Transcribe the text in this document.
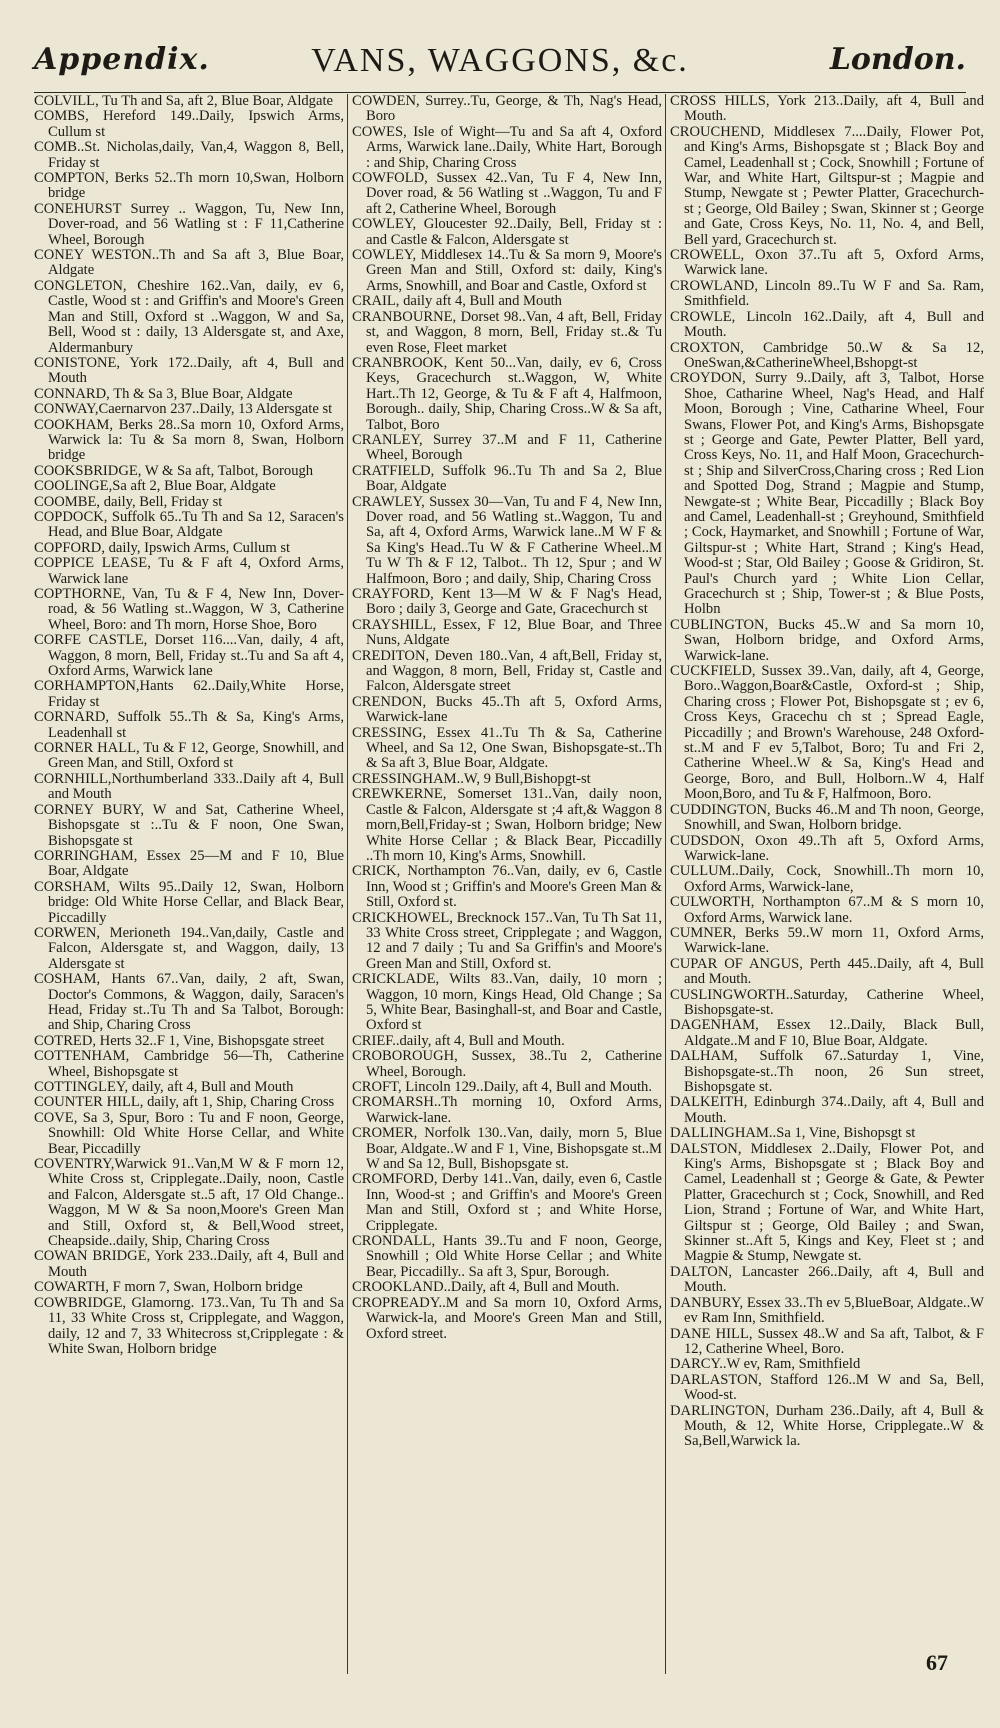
Appendix.	VANS, WAGGONS, &c.	London.

COLVILL, Tu Th and Sa, aft 2, Blue Boar, Aldgate

COMBS, Hereford 149..Daily, Ipswich Arms, Cullum st

COMB..St. Nicholas,daily, Van,4, Waggon 8, Bell, Friday st

COMPTON, Berks 52..Th morn 10,Swan, Holborn bridge

CONEHURST Surrey .. Waggon, Tu, New Inn, Dover-road, and 56 Watling st : F 11,Catherine Wheel, Borough

CONEY WESTON..Th and Sa aft 3, Blue Boar, Aldgate

CONGLETON, Cheshire 162..Van, daily, ev 6, Castle, Wood st : and Griffin's and Moore's Green Man and Still, Oxford st ..Waggon, W and Sa, Bell, Wood st : daily, 13 Aldersgate st, and Axe, Aldermanbury

CONISTONE, York 172..Daily, aft 4, Bull and Mouth

CONNARD, Th & Sa 3, Blue Boar, Aldgate

CONWAY,Caernarvon 237..Daily, 13 Aldersgate st

COOKHAM, Berks 28..Sa morn 10, Oxford Arms, Warwick la: Tu & Sa morn 8, Swan, Holborn bridge

COOKSBRIDGE, W & Sa aft, Talbot, Borough

COOLINGE,Sa aft 2, Blue Boar, Aldgate

COOMBE, daily, Bell, Friday st

COPDOCK, Suffolk 65..Tu Th and Sa 12, Saracen's Head, and Blue Boar, Aldgate

COPFORD, daily, Ipswich Arms, Cullum st

COPPICE LEASE, Tu & F aft 4, Oxford Arms, Warwick lane

COPTHORNE, Van, Tu & F 4, New Inn, Dover-road, & 56 Watling st..Waggon, W 3, Catherine Wheel, Boro: and Th morn, Horse Shoe, Boro

CORFE CASTLE, Dorset 116....Van, daily, 4 aft, Waggon, 8 morn, Bell, Friday st..Tu and Sa aft 4, Oxford Arms, Warwick lane

CORHAMPTON,Hants 62..Daily,White Horse, Friday st

CORNARD, Suffolk 55..Th & Sa, King's Arms, Leadenhall st

CORNER HALL, Tu & F 12, George, Snowhill, and Green Man, and Still, Oxford st

CORNHILL,Northumberland 333..Daily aft 4, Bull and Mouth

CORNEY BURY, W and Sat, Catherine Wheel, Bishopsgate st :..Tu & F noon, One Swan, Bishopsgate st

CORRINGHAM, Essex 25—M and F 10, Blue Boar, Aldgate

CORSHAM, Wilts 95..Daily 12, Swan, Holborn bridge: Old White Horse Cellar, and Black Bear, Piccadilly

CORWEN, Merioneth 194..Van,daily, Castle and Falcon, Aldersgate st, and Waggon, daily, 13 Aldersgate st

COSHAM, Hants 67..Van, daily, 2 aft, Swan, Doctor's Commons, & Waggon, daily, Saracen's Head, Friday st..Tu Th and Sa Talbot, Borough: and Ship, Charing Cross

COTRED, Herts 32..F 1, Vine, Bishopsgate street

COTTENHAM, Cambridge 56—Th, Catherine Wheel, Bishopsgate st

COTTINGLEY, daily, aft 4, Bull and Mouth

COUNTER HILL, daily, aft 1, Ship, Charing Cross

COVE, Sa 3, Spur, Boro : Tu and F noon, George, Snowhill: Old White Horse Cellar, and White Bear, Piccadilly

COVENTRY,Warwick 91..Van,M W & F morn 12, White Cross st, Cripplegate..Daily, noon, Castle and Falcon, Aldersgate st..5 aft, 17 Old Change.. Waggon, M W & Sa noon,Moore's Green Man and Still, Oxford st, & Bell,Wood street, Cheapside..daily, Ship, Charing Cross

COWAN BRIDGE, York 233..Daily, aft 4, Bull and Mouth

COWARTH, F morn 7, Swan, Holborn bridge

COWBRIDGE, Glamorng. 173..Van, Tu Th and Sa 11, 33 White Cross st, Cripplegate, and Waggon, daily, 12 and 7, 33 Whitecross st,Cripplegate : & White Swan, Holborn bridge

COWDEN, Surrey..Tu, George, & Th, Nag's Head, Boro

COWES, Isle of Wight—Tu and Sa aft 4, Oxford Arms, Warwick lane..Daily, White Hart, Borough : and Ship, Charing Cross

COWFOLD, Sussex 42..Van, Tu F 4, New Inn, Dover road, & 56 Watling st ..Waggon, Tu and F aft 2, Catherine Wheel, Borough

COWLEY, Gloucester 92..Daily, Bell, Friday st : and Castle & Falcon, Aldersgate st

COWLEY, Middlesex 14..Tu & Sa morn 9, Moore's Green Man and Still, Oxford st: daily, King's Arms, Snowhill, and Boar and Castle, Oxford st

CRAIL, daily aft 4, Bull and Mouth

CRANBOURNE, Dorset 98..Van, 4 aft, Bell, Friday st, and Waggon, 8 morn, Bell, Friday st..& Tu even Rose, Fleet market

CRANBROOK, Kent 50...Van, daily, ev 6, Cross Keys, Gracechurch st..Waggon, W, White Hart..Th 12, George, & Tu & F aft 4, Halfmoon, Borough.. daily, Ship, Charing Cross..W & Sa aft, Talbot, Boro

CRANLEY, Surrey 37..M and F 11, Catherine Wheel, Borough

CRATFIELD, Suffolk 96..Tu Th and Sa 2, Blue Boar, Aldgate

CRAWLEY, Sussex 30—Van, Tu and F 4, New Inn, Dover road, and 56 Watling st..Waggon, Tu and Sa, aft 4, Oxford Arms, Warwick lane..M W F & Sa King's Head..Tu W & F Catherine Wheel..M Tu W Th & F 12, Talbot.. Th 12, Spur ; and W Halfmoon, Boro ; and daily, Ship, Charing Cross

CRAYFORD, Kent 13—M W & F Nag's Head, Boro ; daily 3, George and Gate, Gracechurch st

CRAYSHILL, Essex, F 12, Blue Boar, and Three Nuns, Aldgate

CREDITON, Deven 180..Van, 4 aft,Bell, Friday st, and Waggon, 8 morn, Bell, Friday st, Castle and Falcon, Aldersgate street

CRENDON, Bucks 45..Th aft 5, Oxford Arms, Warwick-lane

CRESSING, Essex 41..Tu Th & Sa, Catherine Wheel, and Sa 12, One Swan, Bishopsgate-st..Th & Sa aft 3, Blue Boar, Aldgate.

CRESSINGHAM..W, 9 Bull,Bishopgt-st

CREWKERNE, Somerset 131..Van, daily noon, Castle & Falcon, Aldersgate st ;4 aft,& Waggon 8 morn,Bell,Friday-st ; Swan, Holborn bridge; New White Horse Cellar ; & Black Bear, Piccadilly ..Th morn 10, King's Arms, Snowhill.

CRICK, Northampton 76..Van, daily, ev 6, Castle Inn, Wood st ; Griffin's and Moore's Green Man & Still, Oxford st.

CRICKHOWEL, Brecknock 157..Van, Tu Th Sat 11, 33 White Cross street, Cripplegate ; and Waggon, 12 and 7 daily ; Tu and Sa Griffin's and Moore's Green Man and Still, Oxford st.

CRICKLADE, Wilts 83..Van, daily, 10 morn ; Waggon, 10 morn, Kings Head, Old Change ; Sa 5, White Bear, Basinghall-st, and Boar and Castle, Oxford st

CRIEF..daily, aft 4, Bull and Mouth.

CROBOROUGH, Sussex, 38..Tu 2, Catherine Wheel, Borough.

CROFT, Lincoln 129..Daily, aft 4, Bull and Mouth.

CROMARSH..Th morning 10, Oxford Arms, Warwick-lane.

CROMER, Norfolk 130..Van, daily, morn 5, Blue Boar, Aldgate..W and F 1, Vine, Bishopsgate st..M W and Sa 12, Bull, Bishopsgate st.

CROMFORD, Derby 141..Van, daily, even 6, Castle Inn, Wood-st ; and Griffin's and Moore's Green Man and Still, Oxford st ; and White Horse, Cripplegate.

CRONDALL, Hants 39..Tu and F noon, George, Snowhill ; Old White Horse Cellar ; and White Bear, Piccadilly.. Sa aft 3, Spur, Borough.

CROOKLAND..Daily, aft 4, Bull and Mouth.

CROPREADY..M and Sa morn 10, Oxford Arms, Warwick-la, and Moore's Green Man and Still, Oxford street.

CROSS HILLS, York 213..Daily, aft 4, Bull and Mouth.

CROUCHEND, Middlesex 7....Daily, Flower Pot, and King's Arms, Bishopsgate st ; Black Boy and Camel, Leadenhall st ; Cock, Snowhill ; Fortune of War, and White Hart, Giltspur-st ; Magpie and Stump, Newgate st ; Pewter Platter, Gracechurch-st ; George, Old Bailey ; Swan, Skinner st ; George and Gate, Cross Keys, No. 11, No. 4, and Bell, Bell yard, Gracechurch st.

CROWELL, Oxon 37..Tu aft 5, Oxford Arms, Warwick lane.

CROWLAND, Lincoln 89..Tu W F and Sa. Ram, Smithfield.

CROWLE, Lincoln 162..Daily, aft 4, Bull and Mouth.

CROXTON, Cambridge 50..W & Sa 12, OneSwan,&CatherineWheel,Bshopgt-st

CROYDON, Surry 9..Daily, aft 3, Talbot, Horse Shoe, Catharine Wheel, Nag's Head, and Half Moon, Borough ; Vine, Catharine Wheel, Four Swans, Flower Pot, and King's Arms, Bishopsgate st ; George and Gate, Pewter Platter, Bell yard, Cross Keys, No. 11, and Half Moon, Gracechurch-st ; Ship and SilverCross,Charing cross ; Red Lion and Spotted Dog, Strand ; Magpie and Stump, Newgate-st ; White Bear, Piccadilly ; Black Boy and Camel, Leadenhall-st ; Greyhound, Smithfield ; Cock, Haymarket, and Snowhill ; Fortune of War, Giltspur-st ; White Hart, Strand ; King's Head, Wood-st ; Star, Old Bailey ; Goose & Gridiron, St. Paul's Church yard ; White Lion Cellar, Gracechurch st ; Ship, Tower-st ; & Blue Posts, Holbn

CUBLINGTON, Bucks 45..W and Sa morn 10, Swan, Holborn bridge, and Oxford Arms, Warwick-lane.

CUCKFIELD, Sussex 39..Van, daily, aft 4, George, Boro..Waggon,Boar&Castle, Oxford-st ; Ship, Charing cross ; Flower Pot, Bishopsgate st ; ev 6, Cross Keys, Gracechu ch st ; Spread Eagle, Piccadilly ; and Brown's Warehouse, 248 Oxford-st..M and F ev 5,Talbot, Boro; Tu and Fri 2, Catherine Wheel..W & Sa, King's Head and George, Boro, and Bull, Holborn..W 4, Half Moon,Boro, and Tu & F, Halfmoon, Boro.

CUDDINGTON, Bucks 46..M and Th noon, George, Snowhill, and Swan, Holborn bridge.

CUDSDON, Oxon 49..Th aft 5, Oxford Arms, Warwick-lane.

CULLUM..Daily, Cock, Snowhill..Th morn 10, Oxford Arms, Warwick-lane,

CULWORTH, Northampton 67..M & S morn 10, Oxford Arms, Warwick lane.

CUMNER, Berks 59..W morn 11, Oxford Arms, Warwick-lane.

CUPAR OF ANGUS, Perth 445..Daily, aft 4, Bull and Mouth.

CUSLINGWORTH..Saturday, Catherine Wheel, Bishopsgate-st.

DAGENHAM, Essex 12..Daily, Black Bull, Aldgate..M and F 10, Blue Boar, Aldgate.

DALHAM, Suffolk 67..Saturday 1, Vine, Bishopsgate-st..Th noon, 26 Sun street, Bishopsgate st.

DALKEITH, Edinburgh 374..Daily, aft 4, Bull and Mouth.

DALLINGHAM..Sa 1, Vine, Bishopsgt st

DALSTON, Middlesex 2..Daily, Flower Pot, and King's Arms, Bishopsgate st ; Black Boy and Camel, Leadenhall st ; George & Gate, & Pewter Platter, Gracechurch st ; Cock, Snowhill, and Red Lion, Strand ; Fortune of War, and White Hart, Giltspur st ; George, Old Bailey ; and Swan, Skinner st..Aft 5, Kings and Key, Fleet st ; and Magpie & Stump, Newgate st.

DALTON, Lancaster 266..Daily, aft 4, Bull and Mouth.

DANBURY, Essex 33..Th ev 5,BlueBoar, Aldgate..W ev Ram Inn, Smithfield.

DANE HILL, Sussex 48..W and Sa aft, Talbot, & F 12, Catherine Wheel, Boro.

DARCY..W ev, Ram, Smithfield

DARLASTON, Stafford 126..M W and Sa, Bell, Wood-st.

DARLINGTON, Durham 236..Daily, aft 4, Bull & Mouth, & 12, White Horse, Cripplegate..W & Sa,Bell,Warwick la.

67
